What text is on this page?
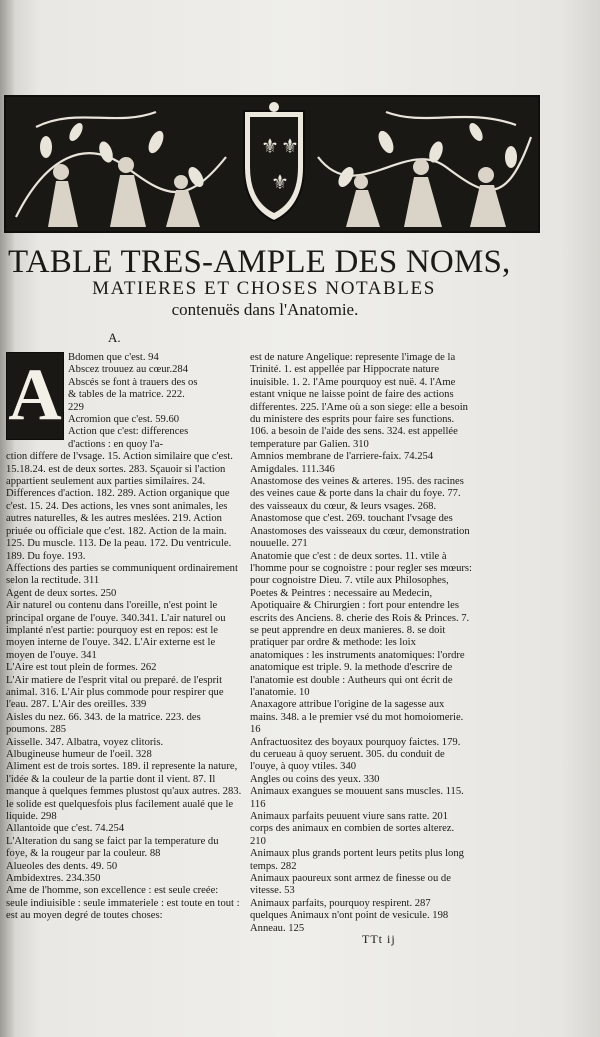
⚜ ⚜
⚜
TABLE TRES-AMPLE DES NOMS,
MATIERES ET CHOSES NOTABLES
contenuës dans l'Anatomie.
A.
A Bdomen que c'est. 94

Abscez trouuez au cœur.284

Abscés se font à trauers des os

& tables de la matrice. 222.

229

Acromion que c'est. 59.60

Action que c'est: differences

d'actions : en quoy l'a-

ction differe de l'vsage. 15. Action similaire que c'est. 15.18.24. est de deux sortes. 283. Sçauoir si l'action appartient seulement aux parties similaires. 24. Differences d'action. 182. 289. Action organique que c'est. 15. 24. Des actions, les vnes sont animales, les autres naturelles, & les autres meslées. 219. Action priuée ou officiale que c'est. 182. Action de la main. 125. Du muscle. 113. De la peau. 172. Du ventricule. 189. Du foye. 193.

Affections des parties se communiquent ordinairement selon la rectitude. 311

Agent de deux sortes. 250

Air naturel ou contenu dans l'oreille, n'est point le principal organe de l'ouye. 340.341. L'air naturel ou implanté n'est partie: pourquoy est en repos: est le moyen interne de l'ouye. 342. L'Air externe est le moyen de l'ouye. 341

L'Aire est tout plein de formes. 262

L'Air matiere de l'esprit vital ou preparé. de l'esprit animal. 316. L'Air plus commode pour respirer que l'eau. 287. L'Air des oreilles. 339

Aisles du nez. 66. 343. de la matrice. 223. des poumons. 285

Aisselle. 347. Albatra, voyez clitoris.

Albugineuse humeur de l'oeil. 328

Aliment est de trois sortes. 189. il represente la nature, l'idée & la couleur de la partie dont il vient. 87. Il manque à quelques femmes plustost qu'aux autres. 283. le solide est quelquesfois plus facilement aualé que le liquide. 298

Allantoide que c'est. 74.254

L'Alteration du sang se faict par la temperature du foye, & la rougeur par la couleur. 88

Alueoles des dents. 49. 50

Ambidextres. 234.350

Ame de l'homme, son excellence : est seule creée: seule indiuisible : seule immateriele : est toute en tout : est au moyen degré de toutes choses:

est de nature Angelique: represente l'image de la Trinité. 1. est appellée par Hippocrate nature inuisible. 1. 2. l'Ame pourquoy est nuë. 4. l'Ame estant vnique ne laisse point de faire des actions differentes. 225. l'Ame où a son siege: elle a besoin du ministere des esprits pour faire ses functions. 106. a besoin de l'aide des sens. 324. est appellée temperature par Galien. 310

Amnios membrane de l'arriere-faix. 74.254

Amigdales. 111.346

Anastomose des veines & arteres. 195. des racines des veines caue & porte dans la chair du foye. 77. des vaisseaux du cœur, & leurs vsages. 268. Anastomose que c'est. 269. touchant l'vsage des Anastomoses des vaisseaux du cœur, demonstration nouuelle. 271

Anatomie que c'est : de deux sortes. 11. vtile à l'homme pour se cognoistre : pour regler ses mœurs: pour cognoistre Dieu. 7. vtile aux Philosophes, Poetes & Peintres : necessaire au Medecin, Apotiquaire & Chirurgien : fort pour entendre les escrits des Anciens. 8. cherie des Rois & Princes. 7. se peut apprendre en deux manieres. 8. se doit pratiquer par ordre & methode: les loix anatomiques : les instruments anatomiques: l'ordre anatomique est triple. 9. la methode d'escrire de l'anatomie est double : Autheurs qui ont écrit de l'anatomie. 10

Anaxagore attribue l'origine de la sagesse aux mains. 348. a le premier vsé du mot homoiomerie. 16

Anfractuositez des boyaux pourquoy faictes. 179. du cerueau à quoy seruent. 305. du conduit de l'ouye, à quoy vtiles. 340

Angles ou coins des yeux. 330

Animaux exangues se mouuent sans muscles. 115. 116

Animaux parfaits peuuent viure sans ratte. 201

corps des animaux en combien de sortes alterez. 210

Animaux plus grands portent leurs petits plus long temps. 282

Animaux paoureux sont armez de finesse ou de vitesse. 53

Animaux parfaits, pourquoy respirent. 287

quelques Animaux n'ont point de vesicule. 198

Anneau. 125

TTt ij
